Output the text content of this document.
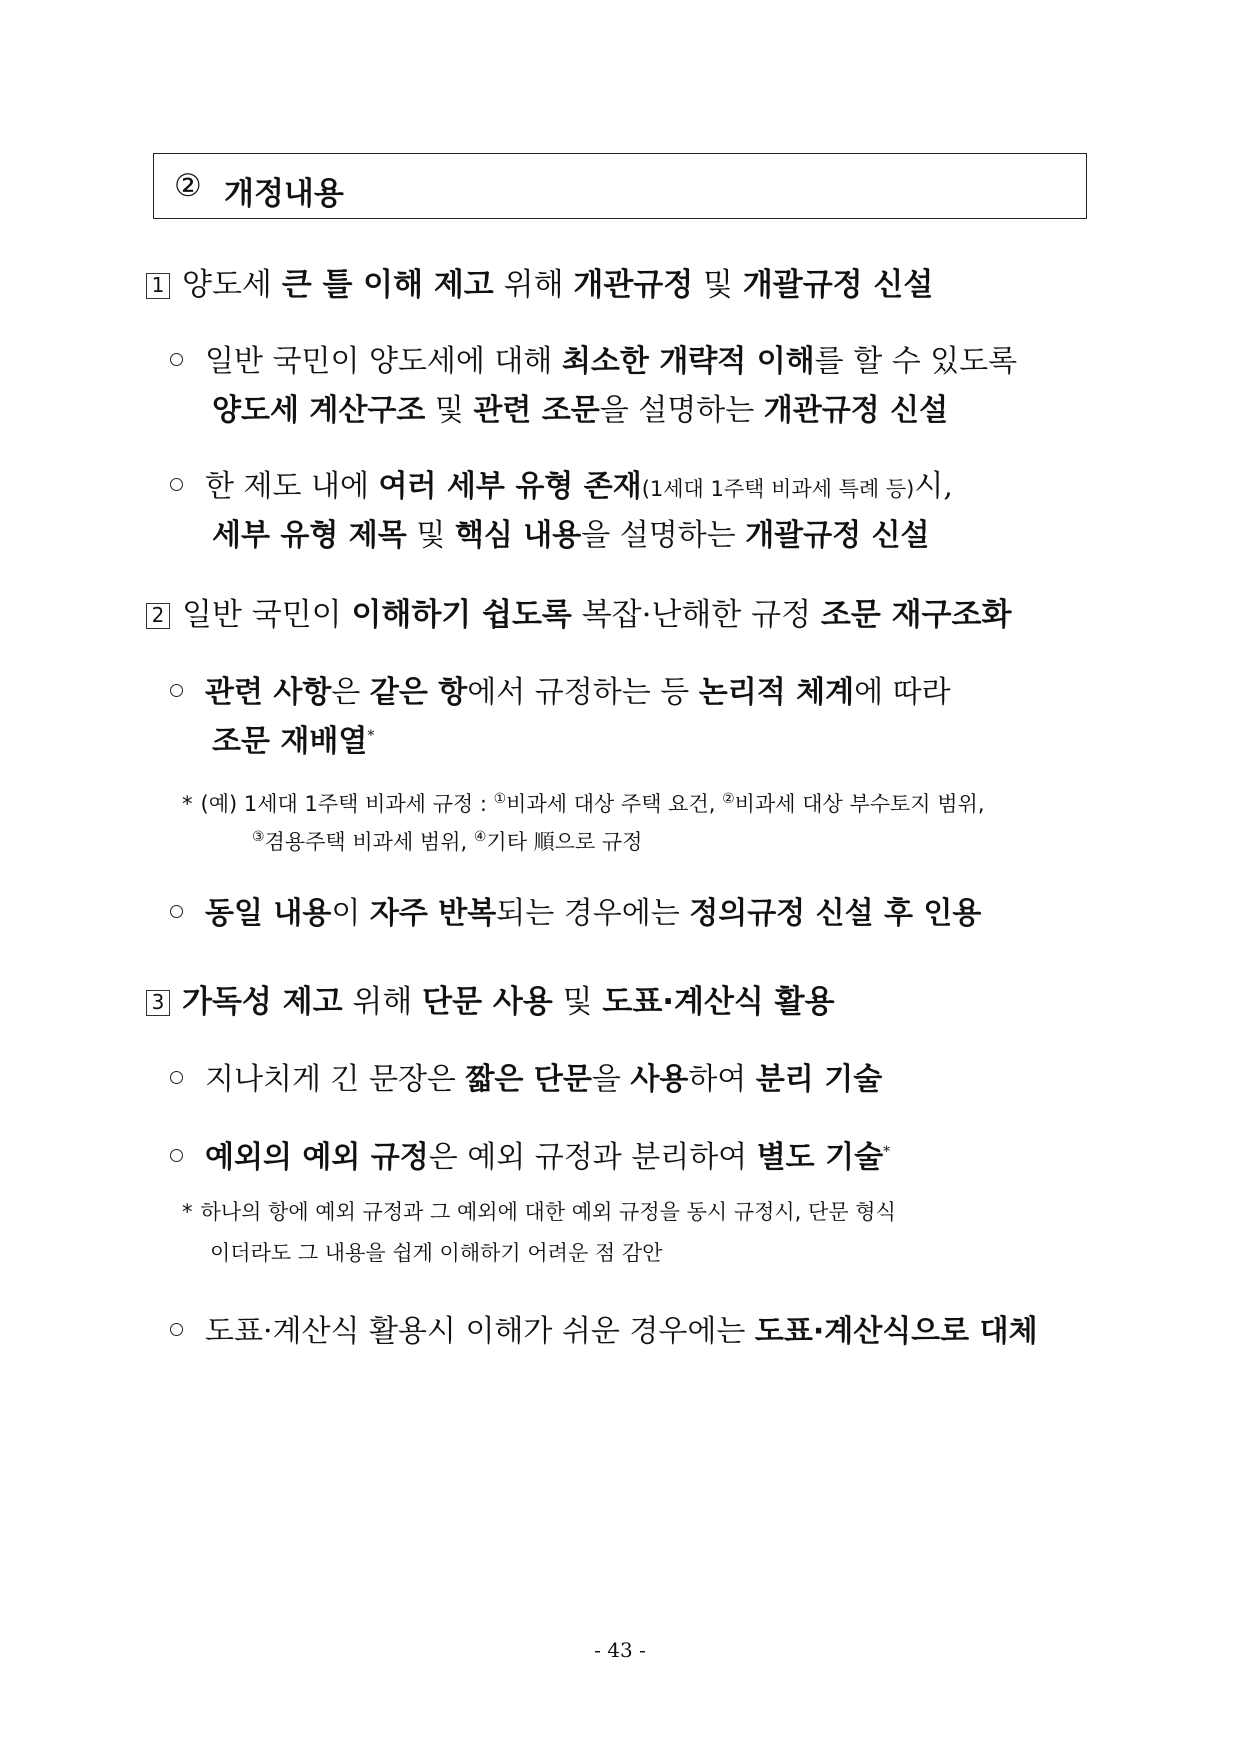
② 개정내용
1 양도세 큰 틀 이해 제고 위해 개관규정 및 개괄규정 신설
일반 국민이 양도세에 대해 최소한 개략적 이해를 할 수 있도록
양도세 계산구조 및 관련 조문을 설명하는 개관규정 신설
한 제도 내에 여러 세부 유형 존재(1세대 1주택 비과세 특례 등)시,
세부 유형 제목 및 핵심 내용을 설명하는 개괄규정 신설
2 일반 국민이 이해하기 쉽도록 복잡·난해한 규정 조문 재구조화
관련 사항은 같은 항에서 규정하는 등 논리적 체계에 따라
조문 재배열*
* (예) 1세대 1주택 비과세 규정 : ①비과세 대상 주택 요건, ②비과세 대상 부수토지 범위,
③겸용주택 비과세 범위, ④기타 順으로 규정
동일 내용이 자주 반복되는 경우에는 정의규정 신설 후 인용
3 가독성 제고 위해 단문 사용 및 도표·계산식 활용
지나치게 긴 문장은 짧은 단문을 사용하여 분리 기술
예외의 예외 규정은 예외 규정과 분리하여 별도 기술*
* 하나의 항에 예외 규정과 그 예외에 대한 예외 규정을 동시 규정시, 단문 형식
이더라도 그 내용을 쉽게 이해하기 어려운 점 감안
도표·계산식 활용시 이해가 쉬운 경우에는 도표·계산식으로 대체
- 43 -
